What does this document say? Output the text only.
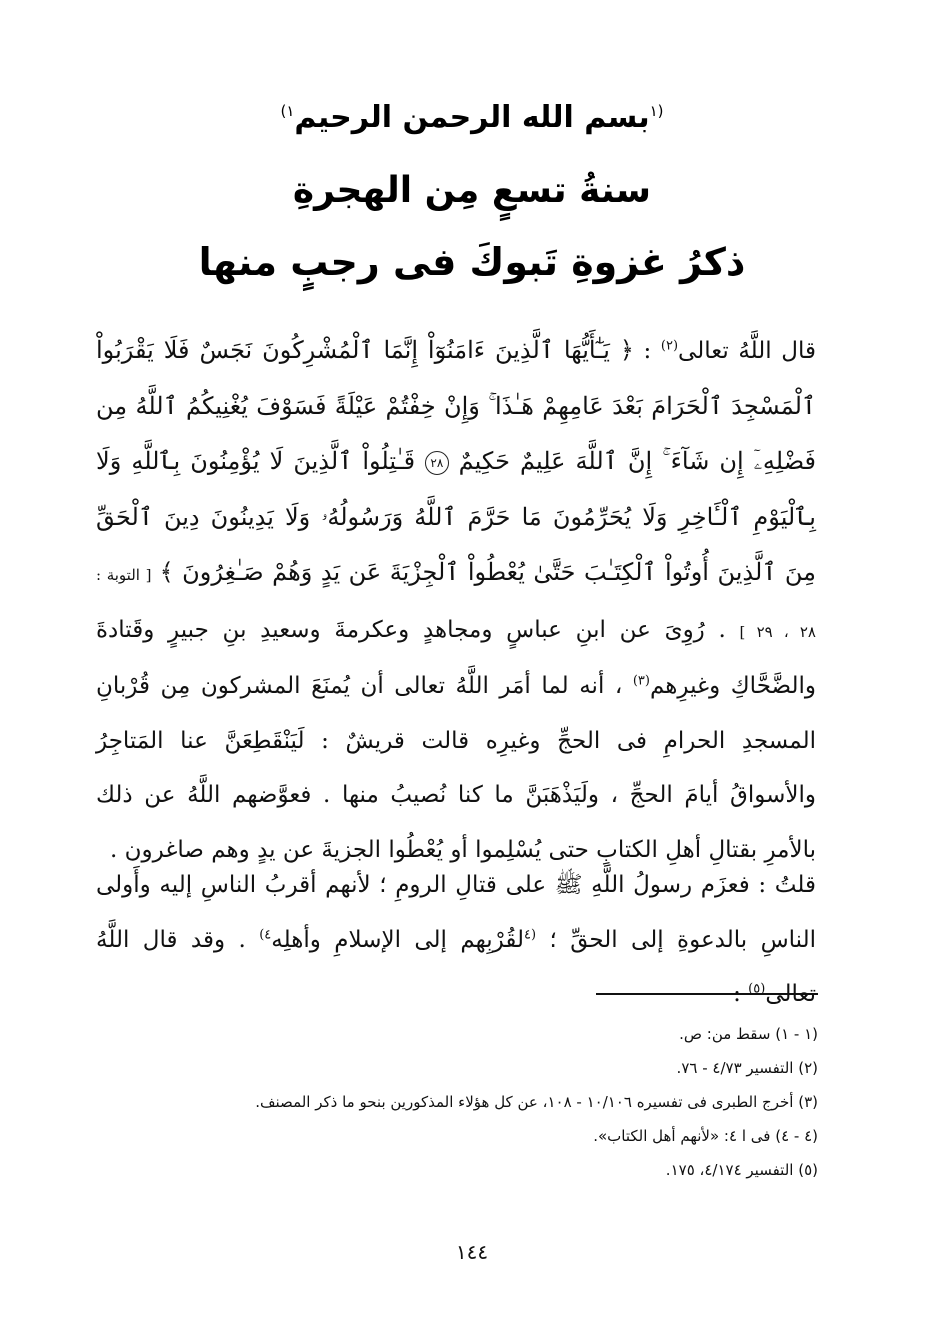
$^{(١}$بسم الله الرحمن الرحيم$^{١)}$
سنةُ تسعٍ مِن الهجرةِ
ذكرُ غزوةِ تَبوكَ فى رجبٍ منها
قال اللَّهُ تعالى$^{(٢)}$ : ﴿ يَـٰٓأَيُّهَا ٱلَّذِينَ ءَامَنُوٓاْ إِنَّمَا ٱلْمُشْرِكُونَ نَجَسٌ فَلَا يَقْرَبُواْ ٱلْمَسْجِدَ ٱلْحَرَامَ بَعْدَ عَامِهِمْ هَـٰذَا ۚ وَإِنْ خِفْتُمْ عَيْلَةً فَسَوْفَ يُغْنِيكُمُ ٱللَّهُ مِن فَضْلِهِۦٓ إِن شَآءَ ۚ إِنَّ ٱللَّهَ عَلِيمٌ حَكِيمٌ ٢٨ قَـٰتِلُواْ ٱلَّذِينَ لَا يُؤْمِنُونَ بِٱللَّهِ وَلَا بِٱلْيَوْمِ ٱلْـَٔاخِرِ وَلَا يُحَرِّمُونَ مَا حَرَّمَ ٱللَّهُ وَرَسُولُهُۥ وَلَا يَدِينُونَ دِينَ ٱلْحَقِّ مِنَ ٱلَّذِينَ أُوتُواْ ٱلْكِتَـٰبَ حَتَّىٰ يُعْطُواْ ٱلْجِزْيَةَ عَن يَدٍ وَهُمْ صَـٰغِرُونَ ﴾ [ التوبة : ٢٨ ، ٢٩ ] . رُوِىَ عن ابنِ عباسٍ ومجاهدٍ وعكرمةَ وسعيدِ بنِ جبيرٍ وقَتادةَ والضَّحَّاكِ وغيرِهم$^{(٣)}$ ، أنه لما أمَر اللَّهُ تعالى أن يُمنَعَ المشركون مِن قُرْبانِ المسجدِ الحرامِ فى الحجِّ وغيرِه قالت قريشٌ : لَيَنْقَطِعَنَّ عنا المَتاجِرُ والأسواقُ أيامَ الحجِّ ، ولَيَذْهَبَنَّ ما كنا نُصيبُ منها . فعوَّضهم اللَّهُ عن ذلك بالأمرِ بقتالِ أهلِ الكتابِ حتى يُسْلِموا أو يُعْطُوا الجزيةَ عن يدٍ وهم صاغرون .
قلتُ : فعزَم رسولُ اللَّهِ ﷺ على قتالِ الرومِ ؛ لأنهم أقربُ الناسِ إليه وأَولى الناسِ بالدعوةِ إلى الحقِّ ؛ $^{(٤}$لقُرْبِهم إلى الإسلامِ وأهلِه$^{٤)}$ . وقد قال اللَّهُ تعالى$^{(٥)}$ :
(١ - ١) سقط من: ص.
(٢) التفسير ٤/٧٣ - ٧٦.
(٣) أخرج الطبرى فى تفسيره ١٠/١٠٦ - ١٠٨، عن كل هؤلاء المذكورين بنحو ما ذكر المصنف.
(٤ - ٤) فى ا ٤: «لأنهم أهل الكتاب».
(٥) التفسير ٤/١٧٤، ١٧٥.
١٤٤
